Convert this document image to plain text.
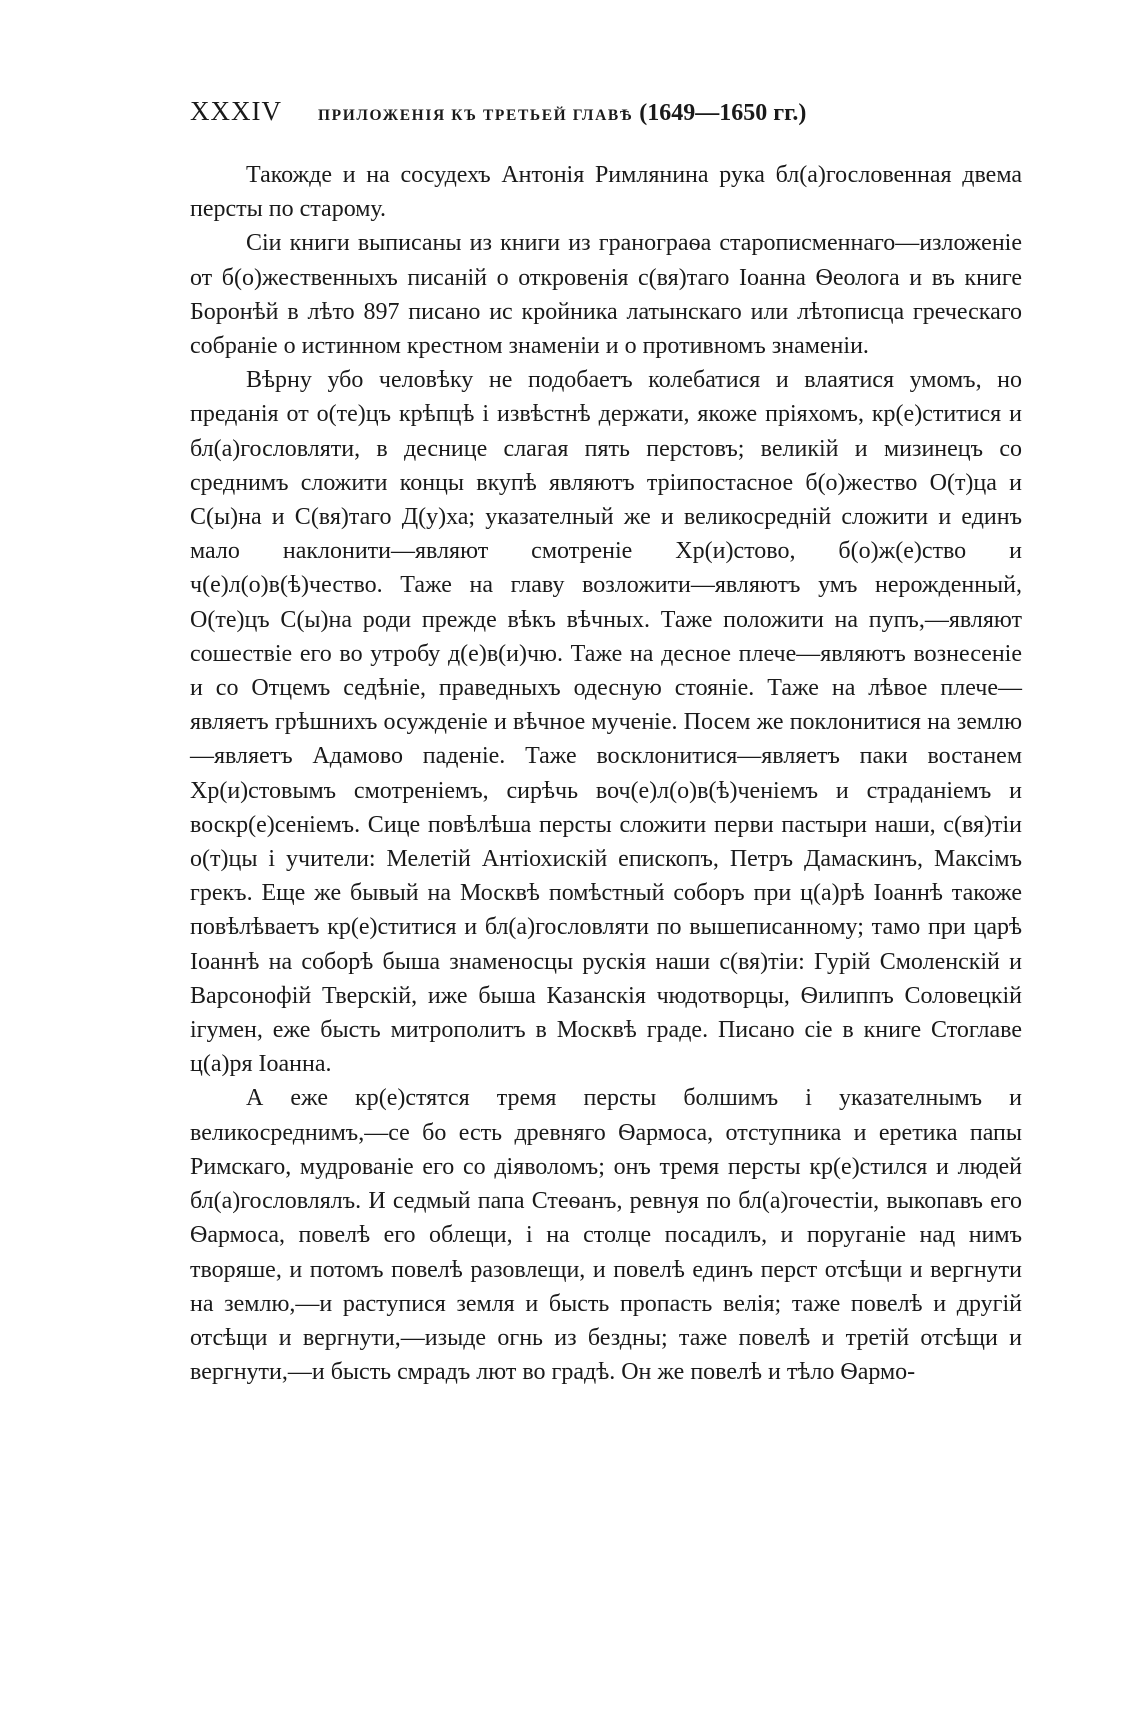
XXXIV	ПРИЛОЖЕНІЯ КЪ ТРЕТЬЕЙ ГЛАВѢ (1649—1650 гг.)

Такожде и на сосудехъ Антонія Римлянина рука бл(а)гословенная двема персты по старому.

Сіи книги выписаны из книги из гранограѳа старописменнаго—изложеніе от б(о)жественныхъ писаній о откровенія с(вя)таго Іоанна Ѳеолога и въ книге Боронѣй в лѣто 897 писано ис кройника латынскаго или лѣтописца греческаго собраніе о истинном крестном знаменіи и о противномъ знаменіи.

Вѣрну убо человѣку не подобаетъ колебатися и влаятися умомъ, но преданія от о(те)цъ крѣпцѣ і извѣстнѣ держати, якоже пріяхомъ, кр(е)ститися и бл(а)гословляти, в деснице слагая пять перстовъ; великій и мизинецъ со среднимъ сложити концы вкупѣ являютъ тріипостасное б(о)жество О(т)ца и С(ы)на и С(вя)таго Д(у)ха; указателный же и великосредній сложити и единъ мало наклонити—являют смотреніе Хр(и)стово, б(о)ж(е)ство и ч(е)л(о)в(ѣ)чество. Таже на главу возложити—являютъ умъ нерожденный, О(те)цъ С(ы)на роди прежде вѣкъ вѣчных. Таже положити на пупъ,—являют сошествіе его во утробу д(е)в(и)чю. Таже на десное плече—являютъ вознесеніе и со Отцемъ седѣніе, праведныхъ одесную стояніе. Таже на лѣвое плече—являетъ грѣшнихъ осужденіе и вѣчное мученіе. Посем же поклонитися на землю—являетъ Адамово паденіе. Таже восклонитися—являетъ паки востанем Хр(и)стовымъ смотреніемъ, сирѣчь воч(е)л(о)в(ѣ)ченіемъ и страданіемъ и воскр(е)сеніемъ. Сице повѣлѣша персты сложити перви пастыри наши, с(вя)тіи о(т)цы і учители: Мелетій Антіохискій епископъ, Петръ Дамаскинъ, Максімъ грекъ. Еще же бывый на Москвѣ помѣстный соборъ при ц(а)рѣ Іоаннѣ такоже повѣлѣваетъ кр(е)ститися и бл(а)гословляти по вышеписанному; тамо при царѣ Іоаннѣ на соборѣ быша знаменосцы рускія наши с(вя)тіи: Гурій Смоленскій и Варсонофій Тверскій, иже быша Казанскія чюдотворцы, Ѳилиппъ Соловецкій ігумен, еже бысть митрополитъ в Москвѣ граде. Писано сіе в книге Стоглаве ц(а)ря Іоанна.

А еже кр(е)стятся тремя персты болшимъ і указателнымъ и великосреднимъ,—се бо есть древняго Ѳармоса, отступника и еретика папы Римскаго, мудрованіе его со діяволомъ; онъ тремя персты кр(е)стился и людей бл(а)гословлялъ. И седмый папа Стеѳанъ, ревнуя по бл(а)гочестіи, выкопавъ его Ѳармоса, повелѣ его облещи, і на столце посадилъ, и поруганіе над нимъ творяше, и потомъ повелѣ разовлещи, и повелѣ единъ перст отсѣщи и вергнути на землю,—и раступися земля и бысть пропасть велія; таже повелѣ и другій отсѣщи и вергнути,—изыде огнь из бездны; таже повелѣ и третій отсѣщи и вергнути,—и бысть смрадъ лют во градѣ. Он же повелѣ и тѣло Ѳармо-
